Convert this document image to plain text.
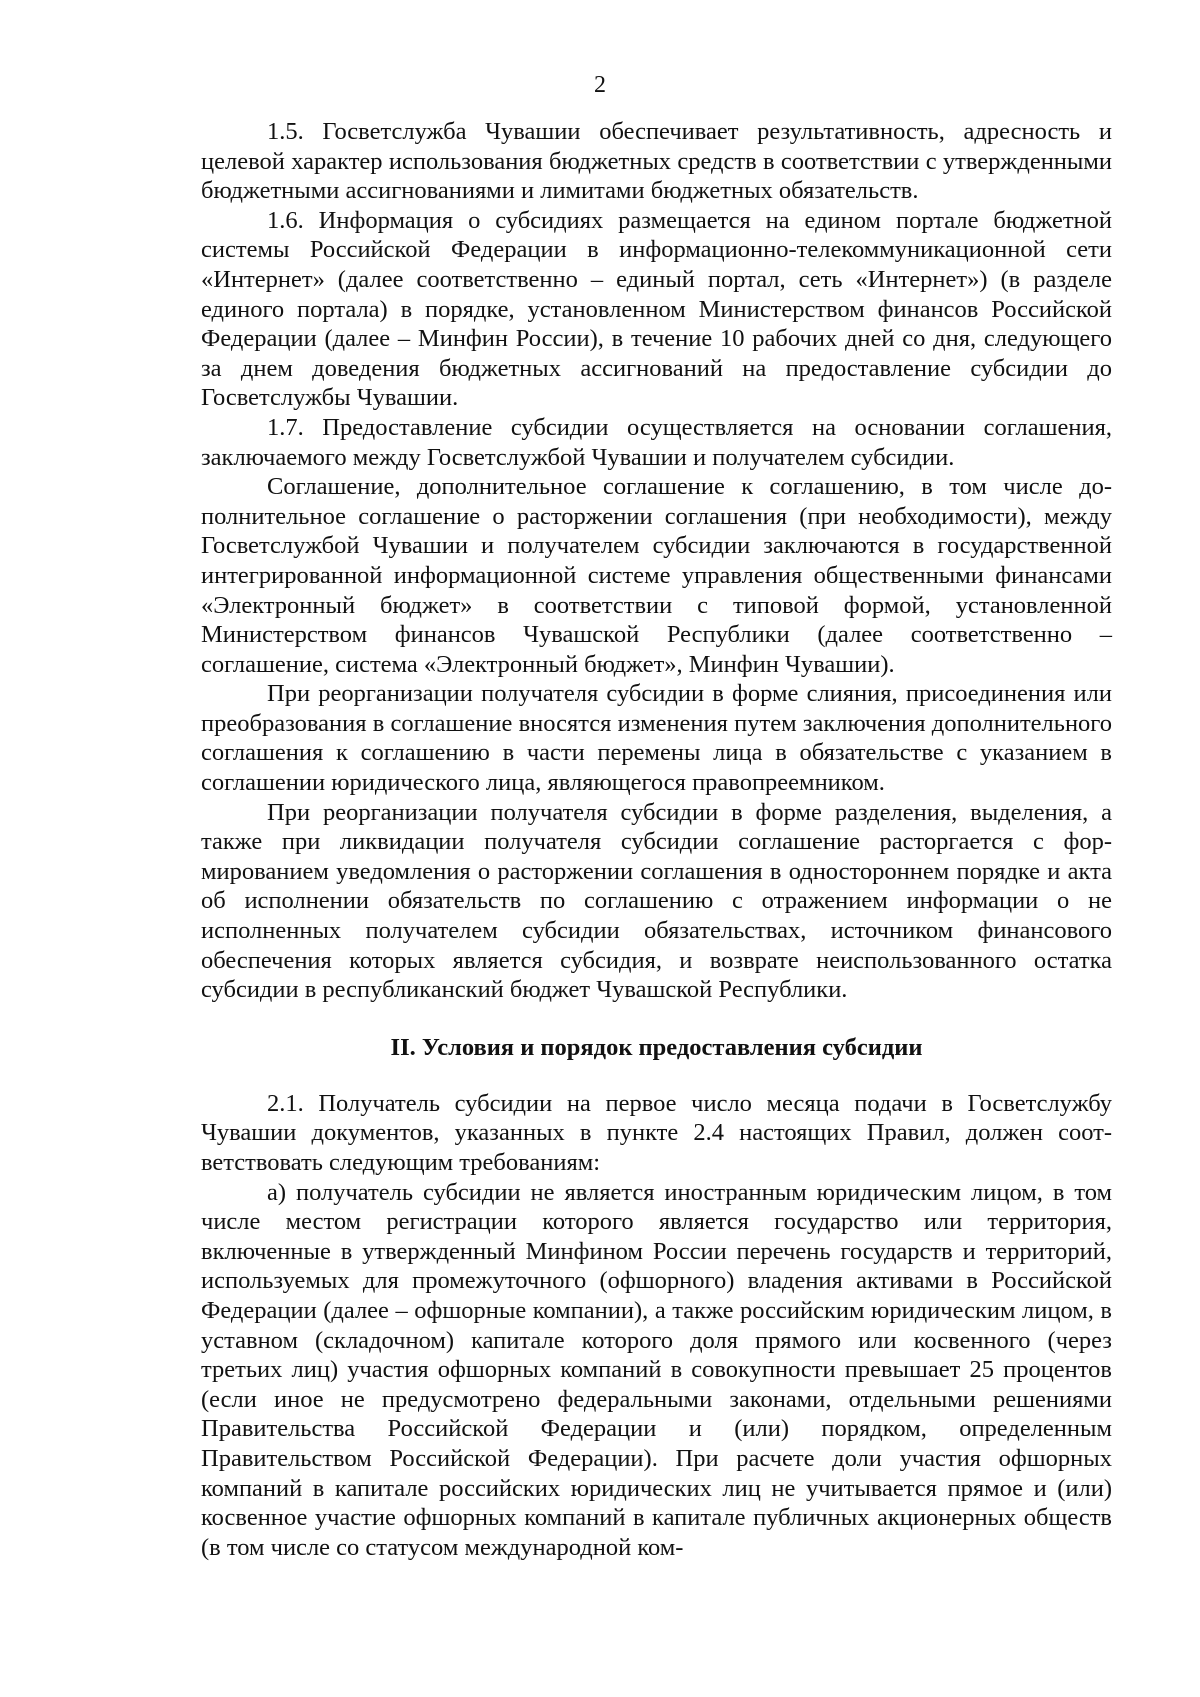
2

1.5. Госветслужба Чувашии обеспечивает результативность, адресность и целевой характер использования бюджетных средств в соответствии с утвержденными бюджетными ассигнованиями и лимитами бюджетных обязательств.

1.6. Информация о субсидиях размещается на едином портале бюджетной системы Российской Федерации в информационно-телекоммуникационной сети «Интернет» (далее соответственно – единый портал, сеть «Интернет») (в разделе единого портала) в порядке, установленном Министерством финансов Российской Федерации (далее – Минфин России), в течение 10 рабочих дней со дня, следующего за днем доведения бюджетных ассигнований на предоставление субсидии до Госветслужбы Чувашии.

1.7. Предоставление субсидии осуществляется на основании соглашения, заключаемого между Госветслужбой Чувашии и получателем субсидии.

Соглашение, дополнительное соглашение к соглашению, в том числе дополнительное соглашение о расторжении соглашения (при необходимости), между Госветслужбой Чувашии и получателем субсидии заключаются в государственной интегрированной информационной системе управления общественными финансами «Электронный бюджет» в соответствии с типовой формой, установленной Министерством финансов Чувашской Республики (далее соответственно – соглашение, система «Электронный бюджет», Минфин Чувашии).

При реорганизации получателя субсидии в форме слияния, присоединения или преобразования в соглашение вносятся изменения путем заключения дополнительного соглашения к соглашению в части перемены лица в обязательстве с указанием в соглашении юридического лица, являющегося правопреемником.

При реорганизации получателя субсидии в форме разделения, выделения, а также при ликвидации получателя субсидии соглашение расторгается с формированием уведомления о расторжении соглашения в одностороннем порядке и акта об исполнении обязательств по соглашению с отражением информации о не исполненных получателем субсидии обязательствах, источником финансового обеспечения которых является субсидия, и возврате неиспользованного остатка субсидии в республиканский бюджет Чувашской Республики.

II. Условия и порядок предоставления субсидии

2.1. Получатель субсидии на первое число месяца подачи в Госветслужбу Чувашии документов, указанных в пункте 2.4 настоящих Правил, должен соответствовать следующим требованиям:

а) получатель субсидии не является иностранным юридическим лицом, в том числе местом регистрации которого является государство или территория, включенные в утвержденный Минфином России перечень государств и территорий, используемых для промежуточного (офшорного) владения активами в Российской Федерации (далее – офшорные компании), а также российским юридическим лицом, в уставном (складочном) капитале которого доля прямого или косвенного (через третьих лиц) участия офшорных компаний в совокупности превышает 25 процентов (если иное не предусмотрено федеральными законами, отдельными решениями Правительства Российской Федерации и (или) порядком, определенным Правительством Российской Федерации). При расчете доли участия офшорных компаний в капитале российских юридических лиц не учитывается прямое и (или) косвенное участие офшорных компаний в капитале публичных акционерных обществ (в том числе со статусом международной ком-
